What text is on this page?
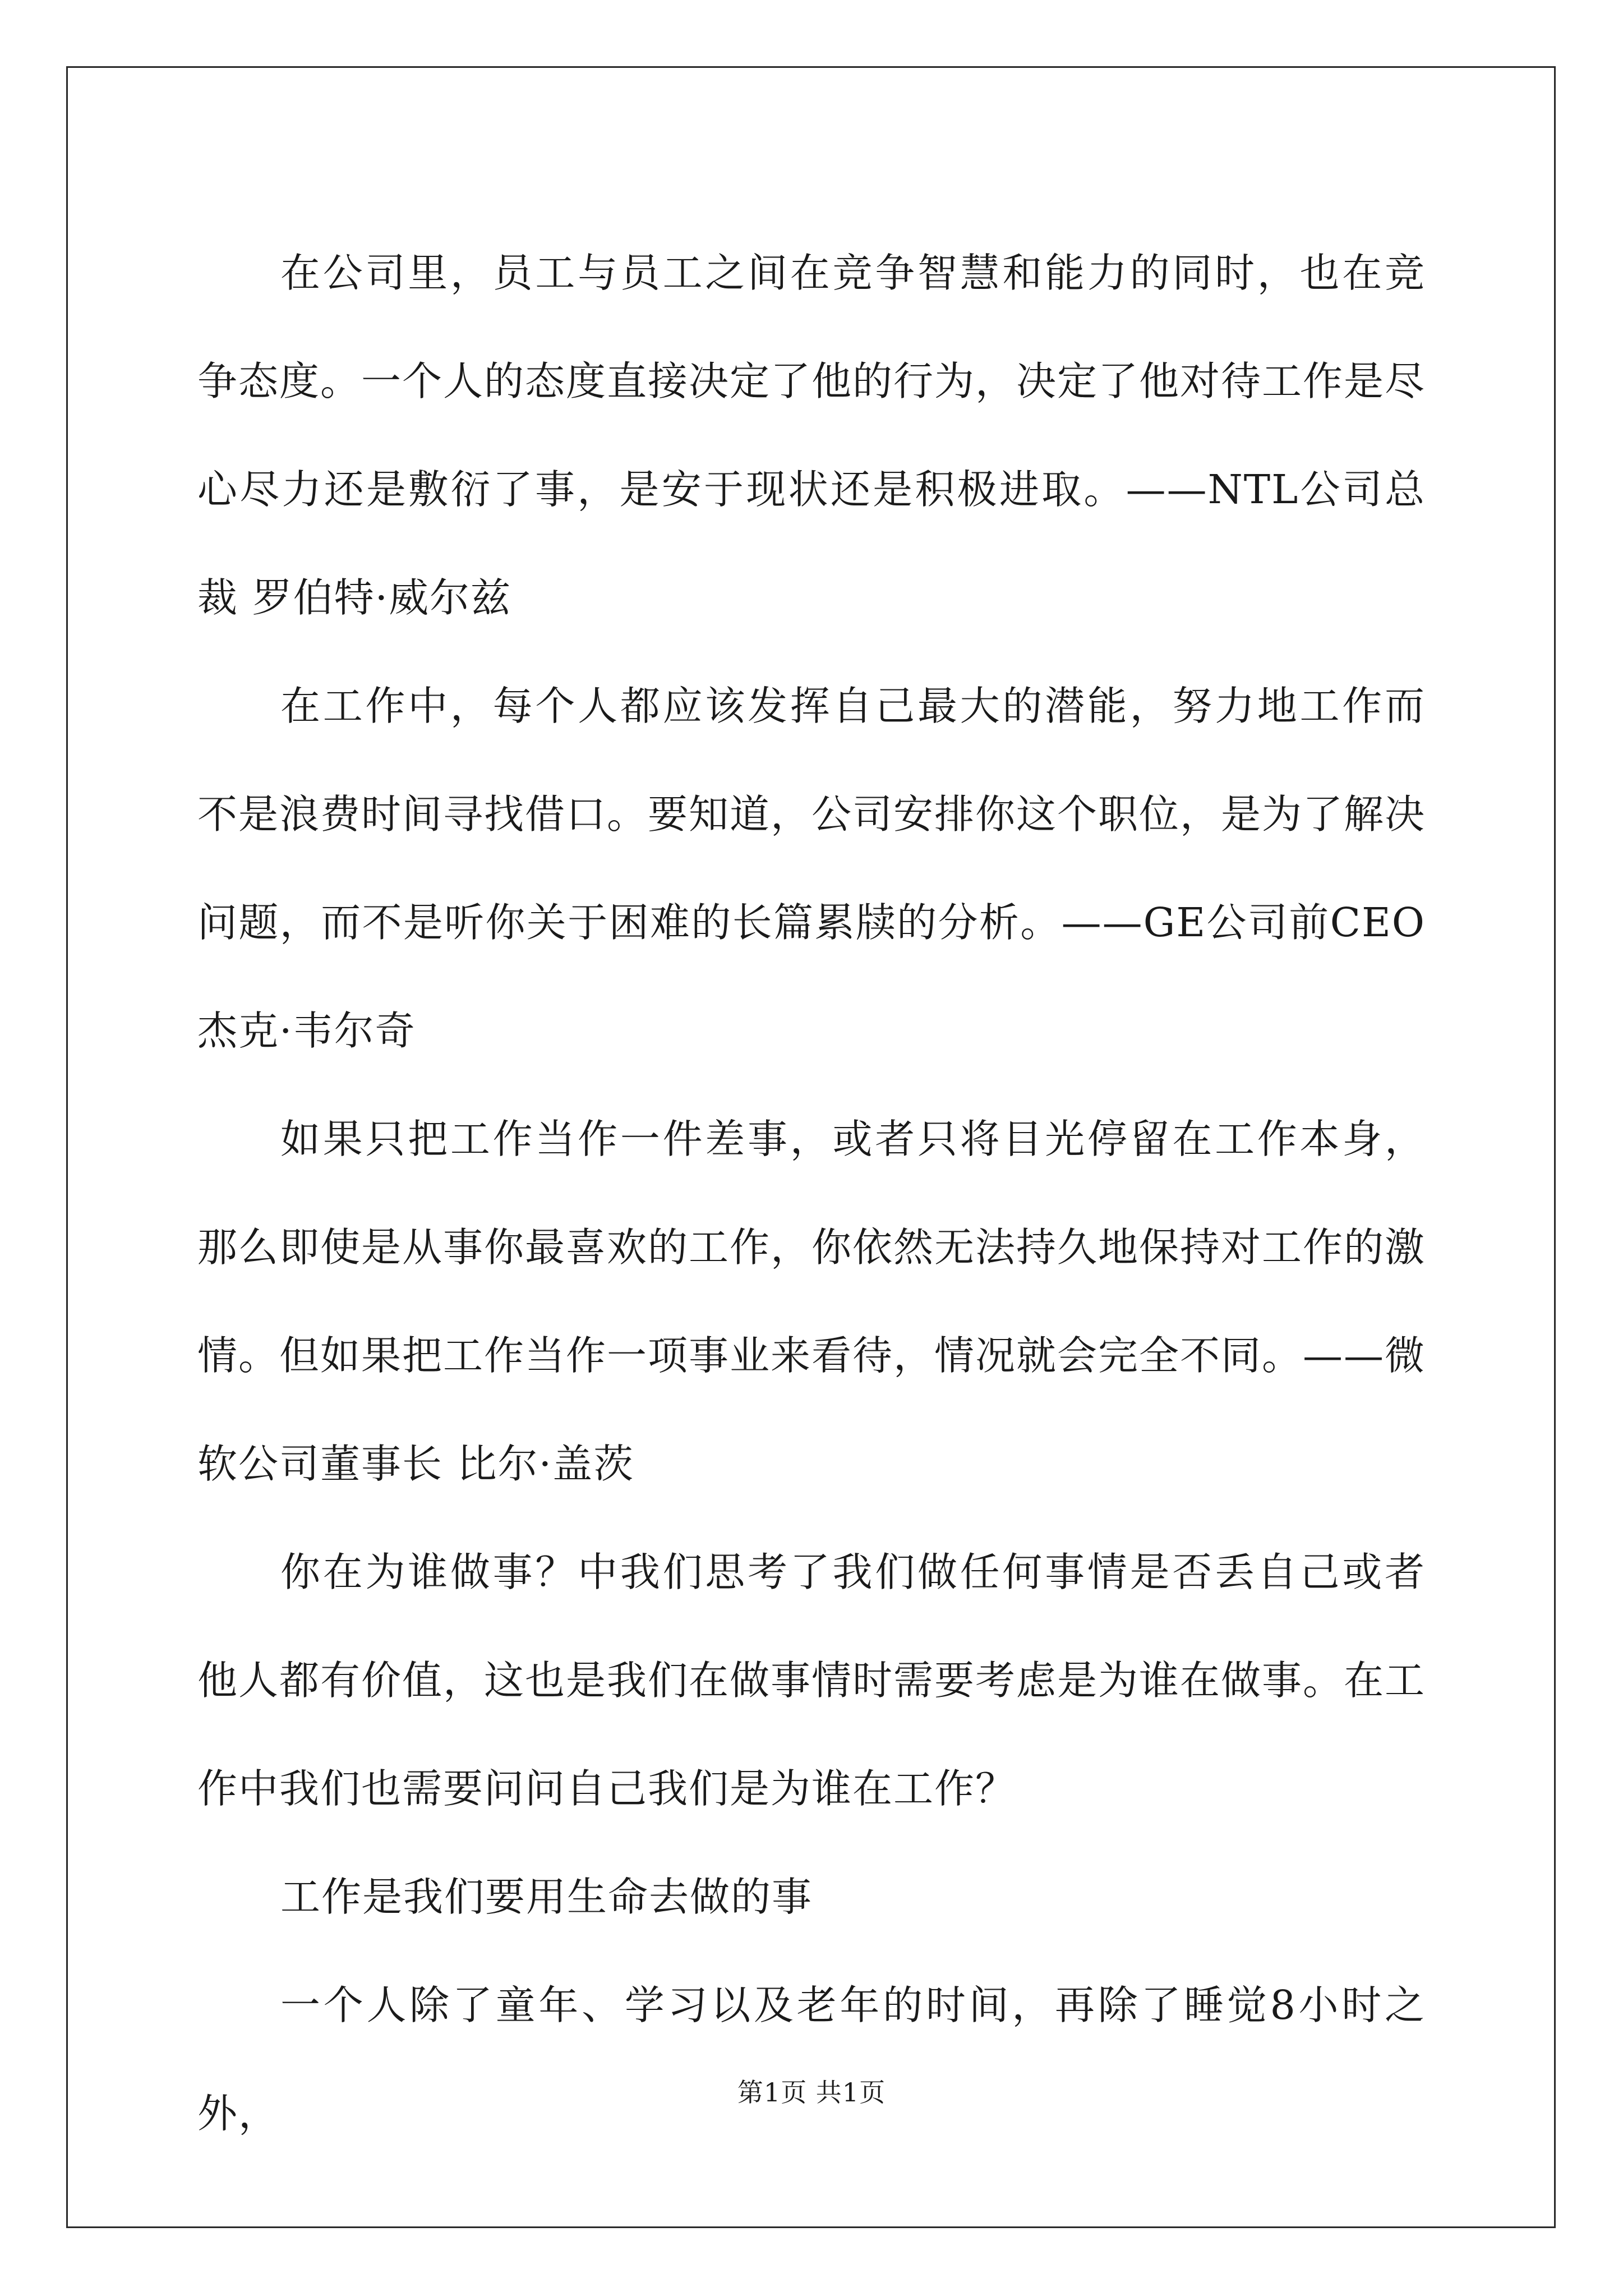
在公司里，员工与员工之间在竞争智慧和能力的同时，也在竞争态度。一个人的态度直接决定了他的行为，决定了他对待工作是尽心尽力还是敷衍了事，是安于现状还是积极进取。——NTL公司总裁 罗伯特·威尔兹

在工作中，每个人都应该发挥自己最大的潜能，努力地工作而不是浪费时间寻找借口。要知道，公司安排你这个职位，是为了解决问题，而不是听你关于困难的长篇累牍的分析。——GE公司前CEO 杰克·韦尔奇

如果只把工作当作一件差事，或者只将目光停留在工作本身，那么即使是从事你最喜欢的工作，你依然无法持久地保持对工作的激情。但如果把工作当作一项事业来看待，情况就会完全不同。——微软公司董事长 比尔·盖茨

你在为谁做事？中我们思考了我们做任何事情是否丢自己或者他人都有价值，这也是我们在做事情时需要考虑是为谁在做事。在工作中我们也需要问问自己我们是为谁在工作？

工作是我们要用生命去做的事

一个人除了童年、学习以及老年的时间，再除了睡觉8小时之外，	第1页 共1页
